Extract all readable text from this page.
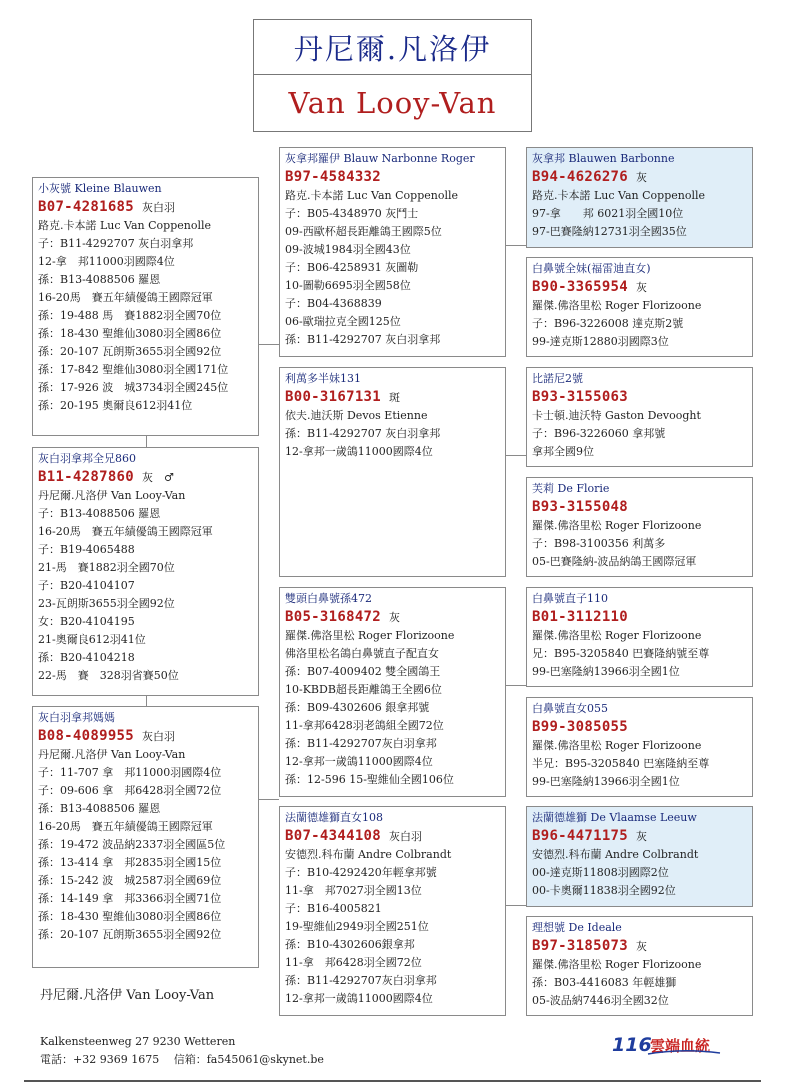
丹尼爾.凡洛伊
Van Looy-Van
小灰號 Kleine Blauwen
B07-4281685 灰白羽
路克.卡本諾 Luc Van Coppenolle
子：B11-4292707 灰白羽拿邦
12-拿　邦11000羽國際4位
孫：B13-4088506 羅恩
16-20馬　賽五年績優鴿王國際冠軍
孫：19-488 馬　賽1882羽全國70位
孫：18-430 聖維仙3080羽全國86位
孫：20-107 瓦朗斯3655羽全國92位
孫：17-842 聖維仙3080羽全國171位
孫：17-926 波　城3734羽全國245位
孫：20-195 奧爾良612羽41位
灰白羽拿邦全兄860
B11-4287860 灰　♂
丹尼爾.凡洛伊 Van Looy-Van
子：B13-4088506 羅恩
16-20馬　賽五年績優鴿王國際冠軍
子：B19-4065488
21-馬　賽1882羽全國70位
子：B20-4104107
23-瓦朗斯3655羽全國92位
女：B20-4104195
21-奧爾良612羽41位
孫：B20-4104218
22-馬　賽　328羽省賽50位
灰白羽拿邦媽媽
B08-4089955 灰白羽
丹尼爾.凡洛伊 Van Looy-Van
子：11-707 拿　邦11000羽國際4位
子：09-606 拿　邦6428羽全國72位
孫：B13-4088506 羅恩
16-20馬　賽五年績優鴿王國際冠軍
孫：19-472 波品納2337羽全國區5位
孫：13-414 拿　邦2835羽全國15位
孫：15-242 波　城2587羽全國69位
孫：14-149 拿　邦3366羽全國71位
孫：18-430 聖維仙3080羽全國86位
孫：20-107 瓦朗斯3655羽全國92位
灰拿邦羅伊 Blauw Narbonne Roger
B97-4584332
路克.卡本諾 Luc Van Coppenolle
子：B05-4348970 灰鬥士
09-西歐杯超長距離鴿王國際5位
09-波城1984羽全國43位
子：B06-4258931 灰圖勒
10-圖勒6695羽全國58位
子：B04-4368839
06-歐瑞拉克全國125位
孫：B11-4292707 灰白羽拿邦
利萬多半妹131
B00-3167131 斑
依夫.迪沃斯 Devos Etienne
孫：B11-4292707 灰白羽拿邦
12-拿邦一歲鴿11000國際4位
雙頭白鼻號孫472
B05-3168472 灰
羅傑.佛洛里松 Roger Florizoone
佛洛里松名鴿白鼻號直子配直女
孫：B07-4009402 雙全國鴿王
10-KBDB超長距離鴿王全國6位
孫：B09-4302606 銀拿邦號
11-拿邦6428羽老鴿組全國72位
孫：B11-4292707灰白羽拿邦
12-拿邦一歲鴿11000國際4位
孫：12-596 15-聖維仙全國106位
法蘭德雄獅直女108
B07-4344108 灰白羽
安德烈.科布蘭 Andre Colbrandt
子：B10-4292420年輕拿邦號
11-拿　邦7027羽全國13位
子：B16-4005821
19-聖維仙2949羽全國251位
孫：B10-4302606銀拿邦
11-拿　邦6428羽全國72位
孫：B11-4292707灰白羽拿邦
12-拿邦一歲鴿11000國際4位
灰拿邦 Blauwen Barbonne
B94-4626276 灰
路克.卡本諾 Luc Van Coppenolle
97-拿　　邦 6021羽全國10位
97-巴賽隆納12731羽全國35位
白鼻號全妹(福雷迪直女)
B90-3365954 灰
羅傑.佛洛里松 Roger Florizoone
子：B96-3226008 達克斯2號
99-達克斯12880羽國際3位
比諾尼2號
B93-3155063
卡士頓.迪沃特 Gaston Devooght
子：B96-3226060 拿邦號
拿邦全國9位
芙莉 De Florie
B93-3155048
羅傑.佛洛里松 Roger Florizoone
子：B98-3100356 利萬多
05-巴賽隆納-波品納鴿王國際冠軍
白鼻號直子110
B01-3112110
羅傑.佛洛里松 Roger Florizoone
兄：B95-3205840 巴賽隆納號至尊
99-巴塞隆納13966羽全國1位
白鼻號直女055
B99-3085055
羅傑.佛洛里松 Roger Florizoone
半兄：B95-3205840 巴塞隆納至尊
99-巴塞隆納13966羽全國1位
法蘭德雄獅 De Vlaamse Leeuw
B96-4471175 灰
安德烈.科布蘭 Andre Colbrandt
00-達克斯11808羽國際2位
00-卡奧爾11838羽全國92位
理想號 De Ideale
B97-3185073 灰
羅傑.佛洛里松 Roger Florizoone
孫：B03-4416083 年輕雄獅
05-波品納7446羽全國32位
丹尼爾.凡洛伊 Van Looy-Van
Kalkensteenweg 27 9230 Wetteren
電話：+32 9369 1675　 信箱：fa545061@skynet.be
116
雲端血統
